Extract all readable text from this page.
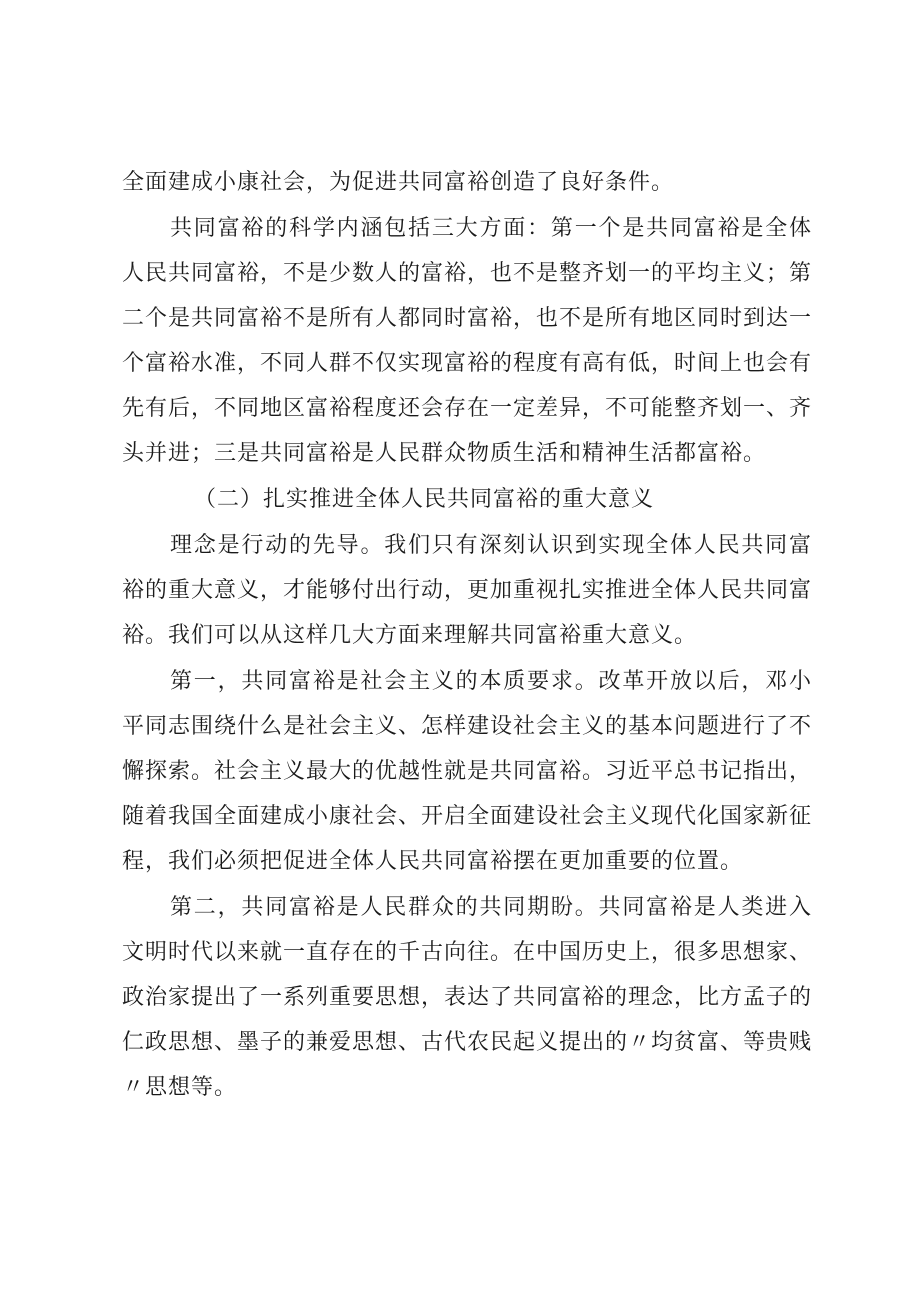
全面建成小康社会，为促进共同富裕创造了良好条件。

共同富裕的科学内涵包括三大方面：第一个是共同富裕是全体人民共同富裕，不是少数人的富裕，也不是整齐划一的平均主义；第二个是共同富裕不是所有人都同时富裕，也不是所有地区同时到达一个富裕水准，不同人群不仅实现富裕的程度有高有低，时间上也会有先有后，不同地区富裕程度还会存在一定差异，不可能整齐划一、齐头并进；三是共同富裕是人民群众物质生活和精神生活都富裕。

（二）扎实推进全体人民共同富裕的重大意义

理念是行动的先导。我们只有深刻认识到实现全体人民共同富裕的重大意义，才能够付出行动，更加重视扎实推进全体人民共同富裕。我们可以从这样几大方面来理解共同富裕重大意义。

第一，共同富裕是社会主义的本质要求。改革开放以后，邓小平同志围绕什么是社会主义、怎样建设社会主义的基本问题进行了不懈探索。社会主义最大的优越性就是共同富裕。习近平总书记指出，随着我国全面建成小康社会、开启全面建设社会主义现代化国家新征程，我们必须把促进全体人民共同富裕摆在更加重要的位置。

第二，共同富裕是人民群众的共同期盼。共同富裕是人类进入文明时代以来就一直存在的千古向往。在中国历史上，很多思想家、政治家提出了一系列重要思想，表达了共同富裕的理念，比方孟子的仁政思想、墨子的兼爱思想、古代农民起义提出的〃均贫富、等贵贱〃思想等。
